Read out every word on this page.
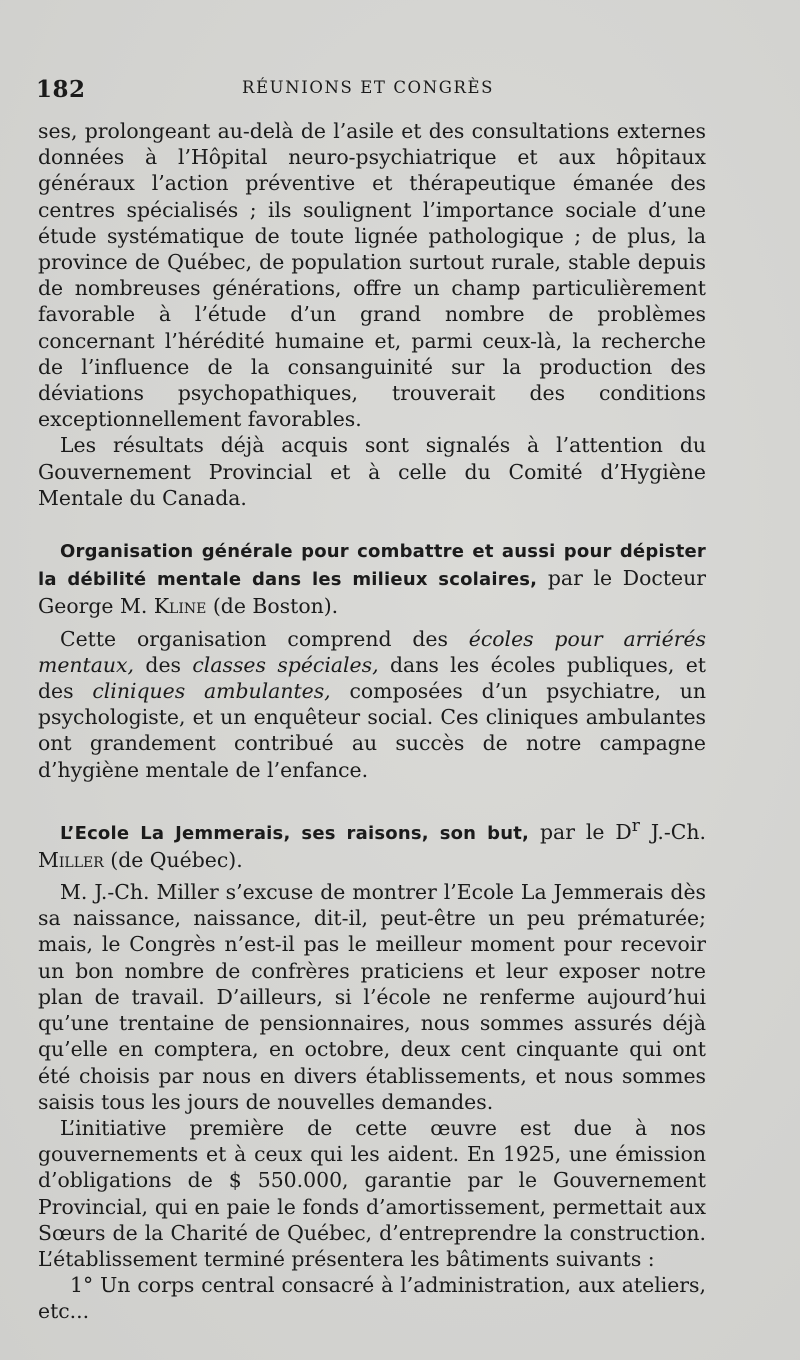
182	RÉUNIONS ET CONGRÈS

ses, prolongeant au-delà de l’asile et des consultations externes données à l’Hôpital neuro-psychiatrique et aux hôpitaux généraux l’action préventive et thérapeutique émanée des centres spécialisés ; ils soulignent l’importance sociale d’une étude systématique de toute lignée pathologique ; de plus, la province de Québec, de population surtout rurale, stable depuis de nombreuses générations, offre un champ particulièrement favorable à l’étude d’un grand nombre de problèmes concernant l’hérédité humaine et, parmi ceux-là, la recherche de l’influence de la consanguinité sur la production des déviations psychopathiques, trouverait des conditions exceptionnellement favorables.

Les résultats déjà acquis sont signalés à l’attention du Gouvernement Provincial et à celle du Comité d’Hygiène Mentale du Canada.

Organisation générale pour combattre et aussi pour dépister la débilité mentale dans les milieux scolaires, par le Docteur George M. Kline (de Boston).

Cette organisation comprend des écoles pour arriérés mentaux, des classes spéciales, dans les écoles publiques, et des cliniques ambulantes, composées d’un psychiatre, un psychologiste, et un enquêteur social. Ces cliniques ambulantes ont grandement contribué au succès de notre campagne d’hygiène mentale de l’enfance.

L’Ecole La Jemmerais, ses raisons, son but, par le $D^r$ J.-Ch. Miller (de Québec).

M. J.-Ch. Miller s’excuse de montrer l’Ecole La Jemmerais dès sa naissance, naissance, dit-il, peut-être un peu prématurée; mais, le Congrès n’est-il pas le meilleur moment pour recevoir un bon nombre de confrères praticiens et leur exposer notre plan de travail. D’ailleurs, si l’école ne renferme aujourd’hui qu’une trentaine de pensionnaires, nous sommes assurés déjà qu’elle en comptera, en octobre, deux cent cinquante qui ont été choisis par nous en divers établissements, et nous sommes saisis tous les jours de nouvelles demandes.

L’initiative première de cette œuvre est due à nos gouvernements et à ceux qui les aident. En 1925, une émission d’obligations de $ 550.000, garantie par le Gouvernement Provincial, qui en paie le fonds d’amortissement, permettait aux Sœurs de la Charité de Québec, d’entreprendre la construction. L’établissement terminé présentera les bâtiments suivants :

1° Un corps central consacré à l’administration, aux ateliers, etc...
